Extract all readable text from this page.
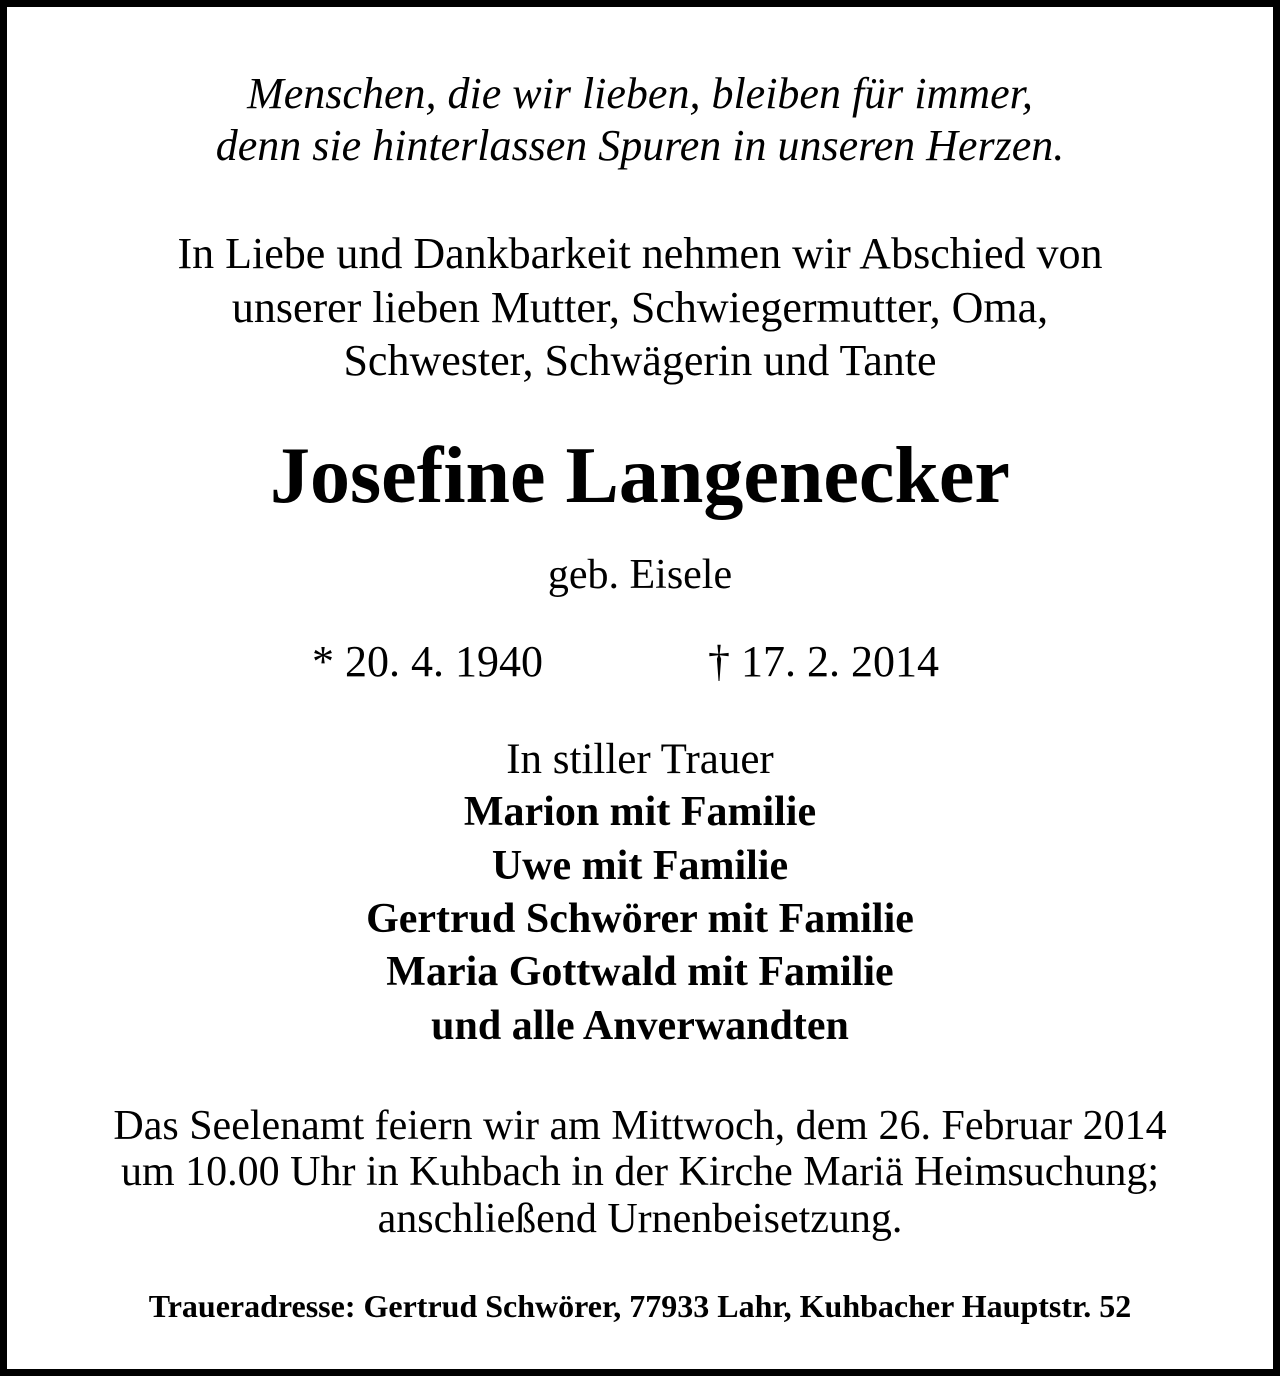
Menschen, die wir lieben, bleiben für immer,
denn sie hinterlassen Spuren in unseren Herzen.
In Liebe und Dankbarkeit nehmen wir Abschied von
unserer lieben Mutter, Schwiegermutter, Oma,
Schwester, Schwägerin und Tante
Josefine Langenecker
geb. Eisele
* 20. 4. 1940	† 17. 2. 2014
In stiller Trauer
Marion mit Familie
Uwe mit Familie
Gertrud Schwörer mit Familie
Maria Gottwald mit Familie
und alle Anverwandten
Das Seelenamt feiern wir am Mittwoch, dem 26. Februar 2014
um 10.00 Uhr in Kuhbach in der Kirche Mariä Heimsuchung;
anschließend Urnenbeisetzung.
Traueradresse: Gertrud Schwörer, 77933 Lahr, Kuhbacher Hauptstr. 52
